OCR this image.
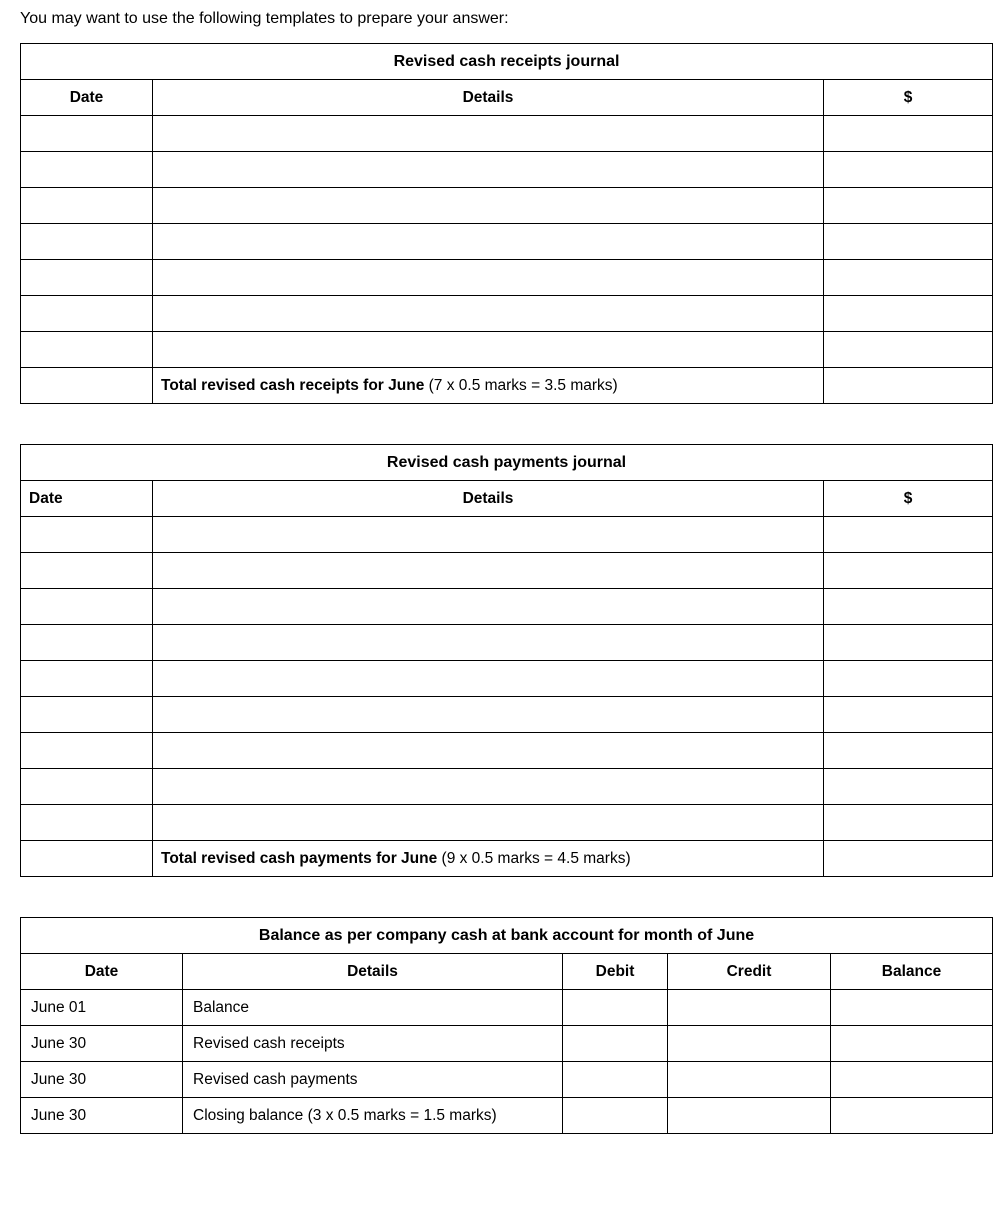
You may want to use the following templates to prepare your answer:

Revised cash receipts journal		
Date	Details	$

	Total revised cash receipts for June (7 x 0.5 marks = 3.5 marks)	
Revised cash payments journal		
Date	Details	$

	Total revised cash payments for June (9 x 0.5 marks = 4.5 marks)	
Balance as per company cash at bank account for month of June				
Date	Details	Debit	Credit	Balance
June 01	Balance			
June 30	Revised cash receipts			
June 30	Revised cash payments			
June 30	Closing balance (3 x 0.5 marks = 1.5 marks)			
